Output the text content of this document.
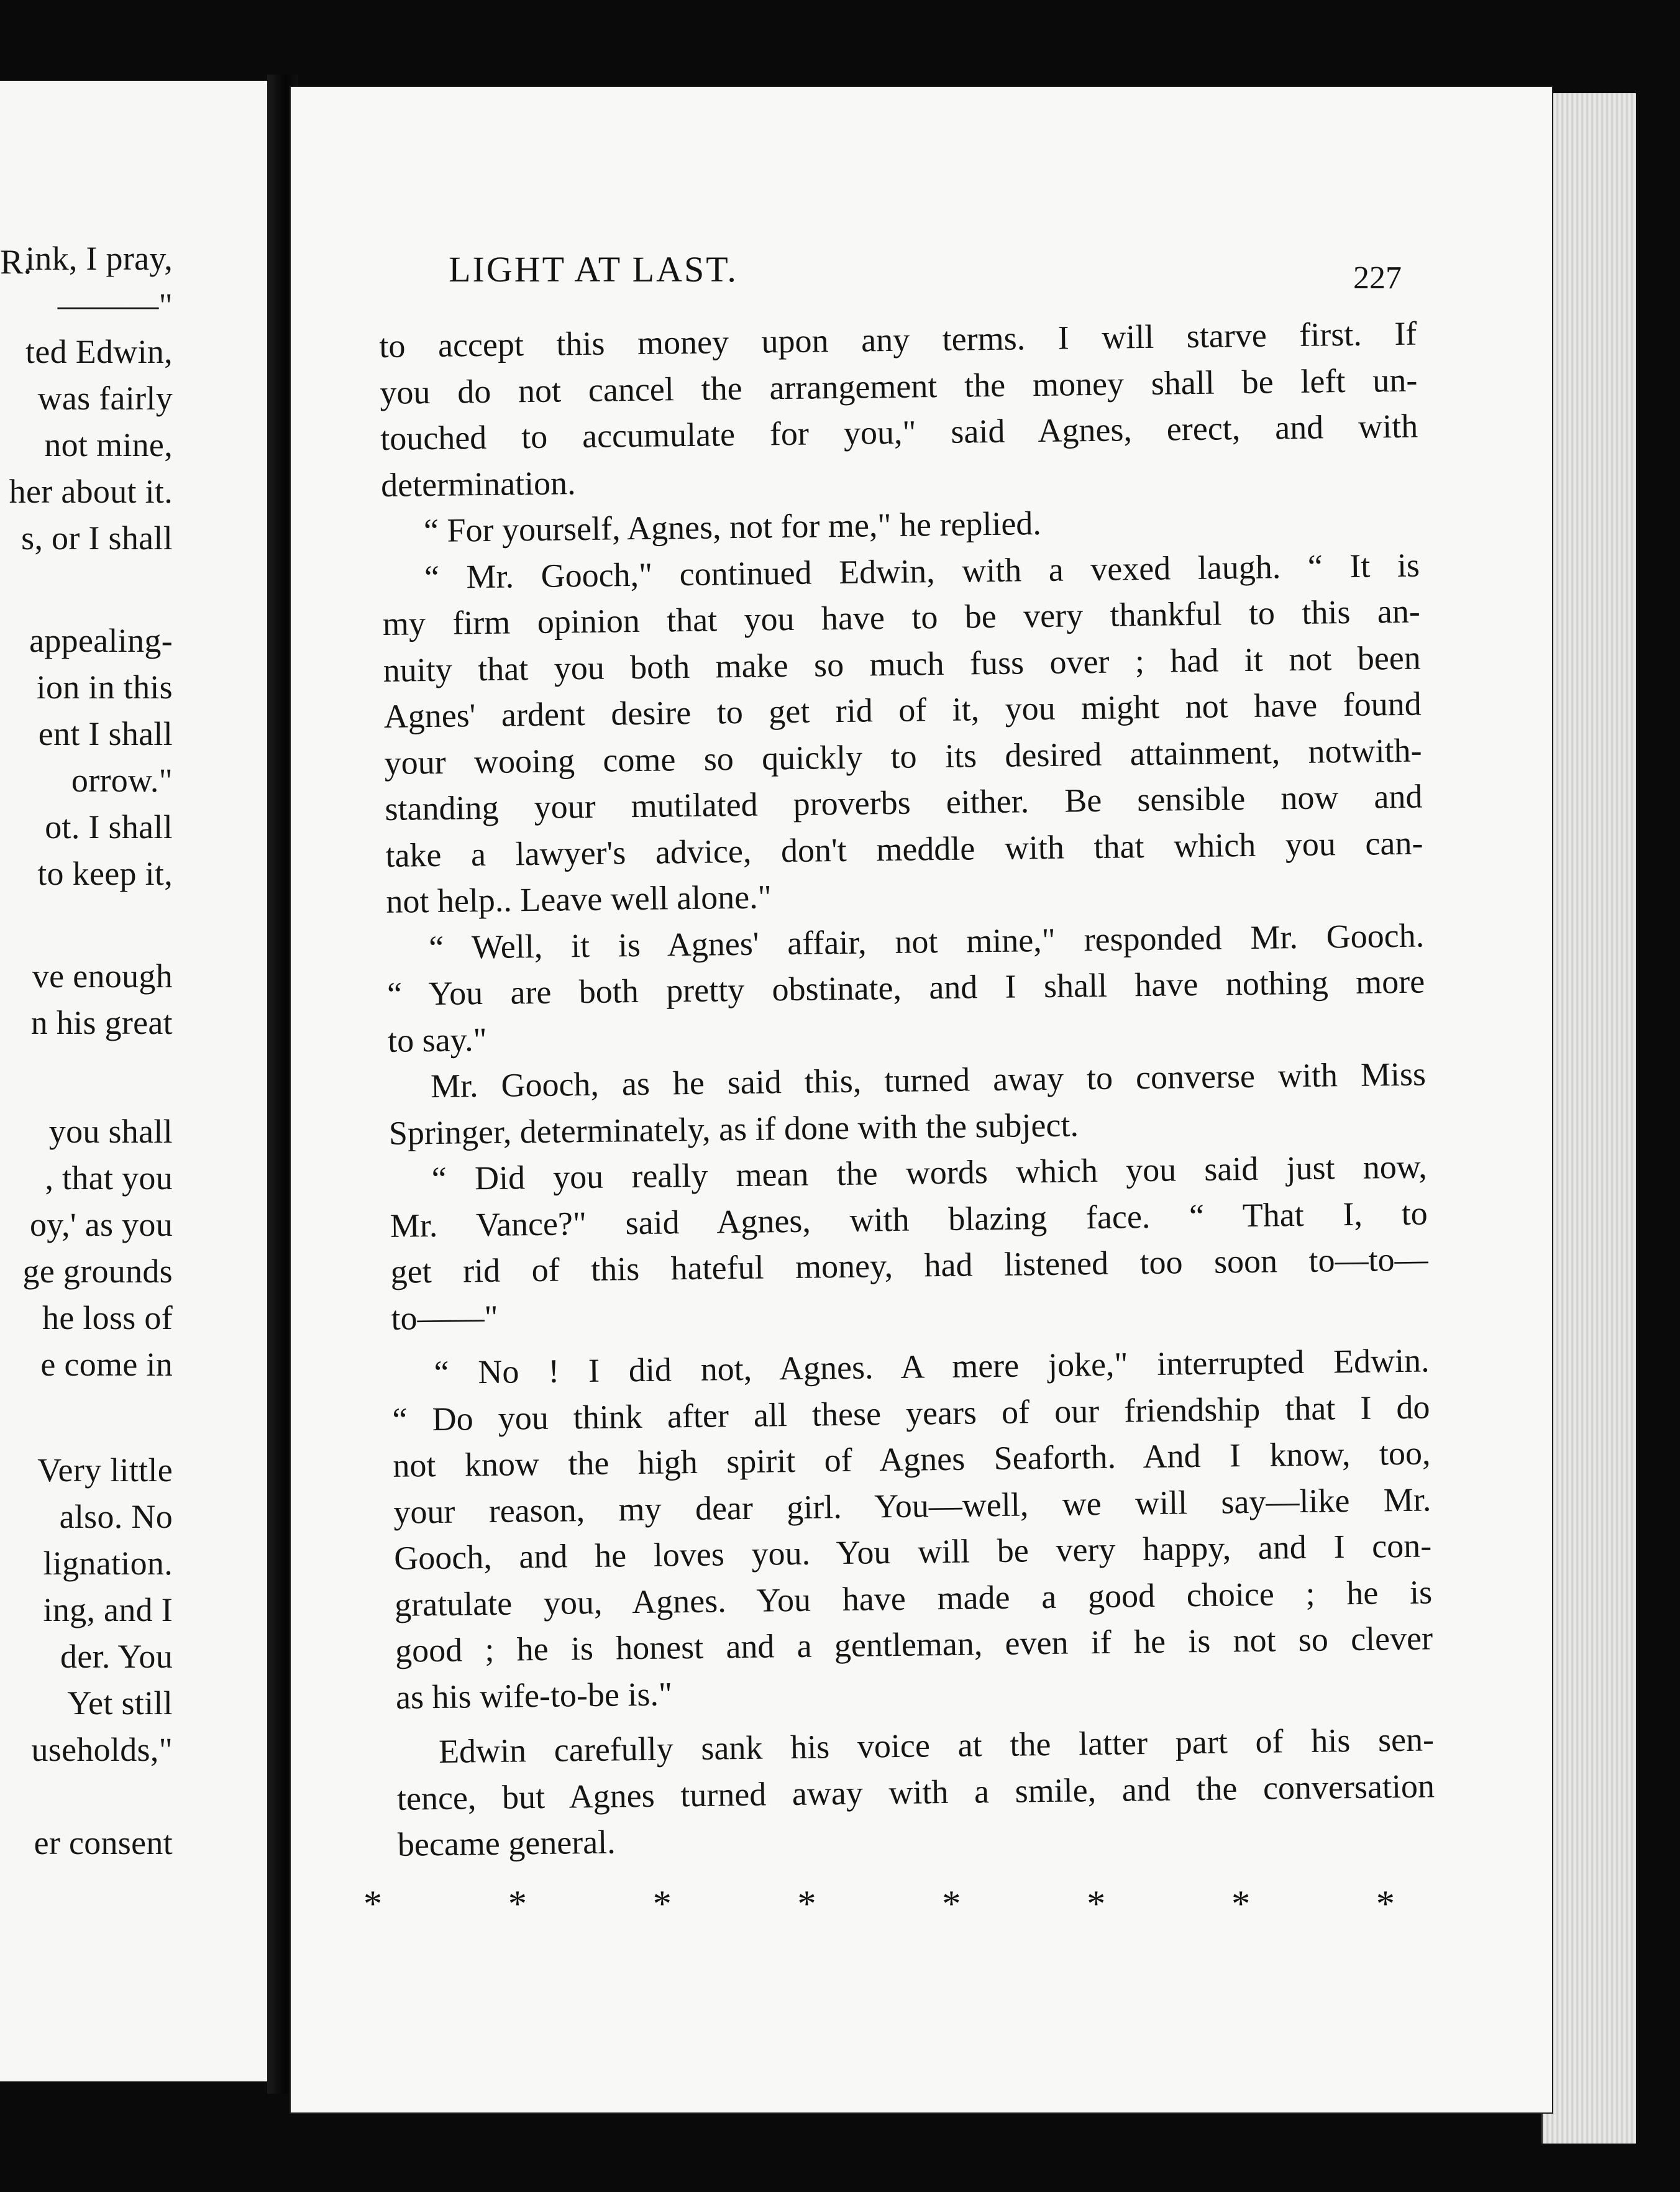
R.
ink, I pray,
———"
ted Edwin,
was fairly
not mine,
her about it.
s, or I shall
appealing-
ion in this
ent I shall
orrow."
ot. I shall
to keep it,
ve enough
n his great
you shall
, that you
oy,' as you
ge grounds
he loss of
e come in
Very little
also. No
lignation.
ing, and I
der. You
Yet still
useholds,"
er consent
LIGHT AT LAST.	227
to accept this money upon any terms. I will starve first. If
you do not cancel the arrangement the money shall be left un-
touched to accumulate for you," said Agnes, erect, and with
determination.
“ For yourself, Agnes, not for me," he replied.
“ Mr. Gooch," continued Edwin, with a vexed laugh. “ It is
my firm opinion that you have to be very thankful to this an-
nuity that you both make so much fuss over ; had it not been
Agnes' ardent desire to get rid of it, you might not have found
your wooing come so quickly to its desired attainment, notwith-
standing your mutilated proverbs either. Be sensible now and
take a lawyer's advice, don't meddle with that which you can-
not help.. Leave well alone."
“ Well, it is Agnes' affair, not mine," responded Mr. Gooch.
“ You are both pretty obstinate, and I shall have nothing more
to say."
Mr. Gooch, as he said this, turned away to converse with Miss
Springer, determinately, as if done with the subject.
“ Did you really mean the words which you said just now,
Mr. Vance?" said Agnes, with blazing face. “ That I, to
get rid of this hateful money, had listened too soon to—to—
to——"
“ No ! I did not, Agnes. A mere joke," interrupted Edwin.
“ Do you think after all these years of our friendship that I do
not know the high spirit of Agnes Seaforth. And I know, too,
your reason, my dear girl. You—well, we will say—like Mr.
Gooch, and he loves you. You will be very happy, and I con-
gratulate you, Agnes. You have made a good choice ; he is
good ; he is honest and a gentleman, even if he is not so clever
as his wife-to-be is."
Edwin carefully sank his voice at the latter part of his sen-
tence, but Agnes turned away with a smile, and the conversation
became general.
*	*	*	*	*	*	*	*
